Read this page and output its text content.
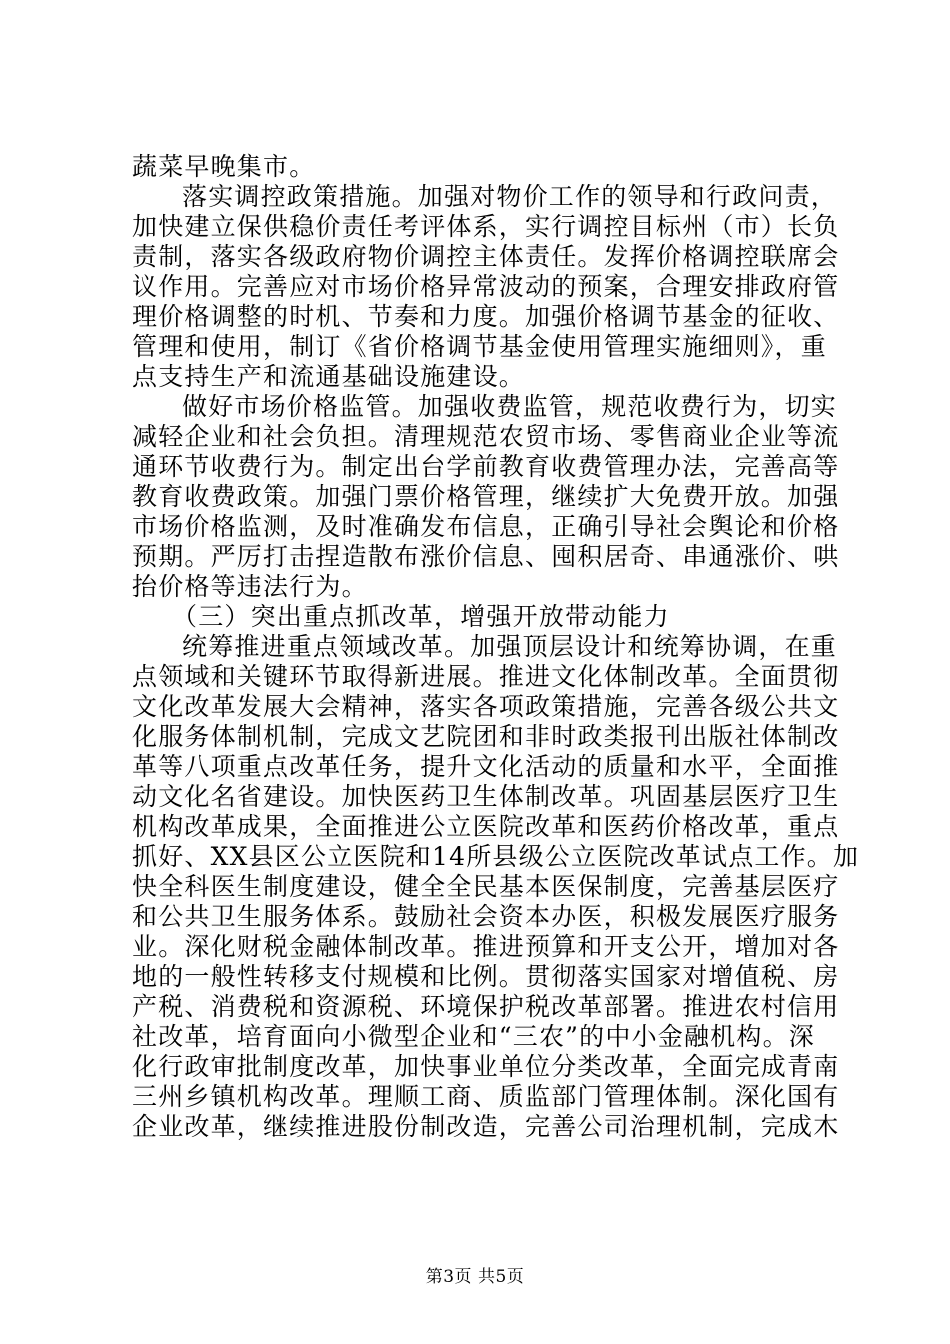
蔬菜早晚集市。
落实调控政策措施。加强对物价工作的领导和行政问责，
加快建立保供稳价责任考评体系，实行调控目标州（市）长负
责制，落实各级政府物价调控主体责任。发挥价格调控联席会
议作用。完善应对市场价格异常波动的预案，合理安排政府管
理价格调整的时机、节奏和力度。加强价格调节基金的征收、
管理和使用，制订《省价格调节基金使用管理实施细则》，重
点支持生产和流通基础设施建设。
做好市场价格监管。加强收费监管，规范收费行为，切实
减轻企业和社会负担。清理规范农贸市场、零售商业企业等流
通环节收费行为。制定出台学前教育收费管理办法，完善高等
教育收费政策。加强门票价格管理，继续扩大免费开放。加强
市场价格监测，及时准确发布信息，正确引导社会舆论和价格
预期。严厉打击捏造散布涨价信息、囤积居奇、串通涨价、哄
抬价格等违法行为。
（三）突出重点抓改革，增强开放带动能力
统筹推进重点领域改革。加强顶层设计和统筹协调，在重
点领域和关键环节取得新进展。推进文化体制改革。全面贯彻
文化改革发展大会精神，落实各项政策措施，完善各级公共文
化服务体制机制，完成文艺院团和非时政类报刊出版社体制改
革等八项重点改革任务，提升文化活动的质量和水平，全面推
动文化名省建设。加快医药卫生体制改革。巩固基层医疗卫生
机构改革成果，全面推进公立医院改革和医药价格改革，重点
抓好、XX县区公立医院和14所县级公立医院改革试点工作。加
快全科医生制度建设，健全全民基本医保制度，完善基层医疗
和公共卫生服务体系。鼓励社会资本办医，积极发展医疗服务
业。深化财税金融体制改革。推进预算和开支公开，增加对各
地的一般性转移支付规模和比例。贯彻落实国家对增值税、房
产税、消费税和资源税、环境保护税改革部署。推进农村信用
社改革，培育面向小微型企业和“三农”的中小金融机构。深
化行政审批制度改革，加快事业单位分类改革，全面完成青南
三州乡镇机构改革。理顺工商、质监部门管理体制。深化国有
企业改革，继续推进股份制改造，完善公司治理机制，完成木
第3页 共5页
